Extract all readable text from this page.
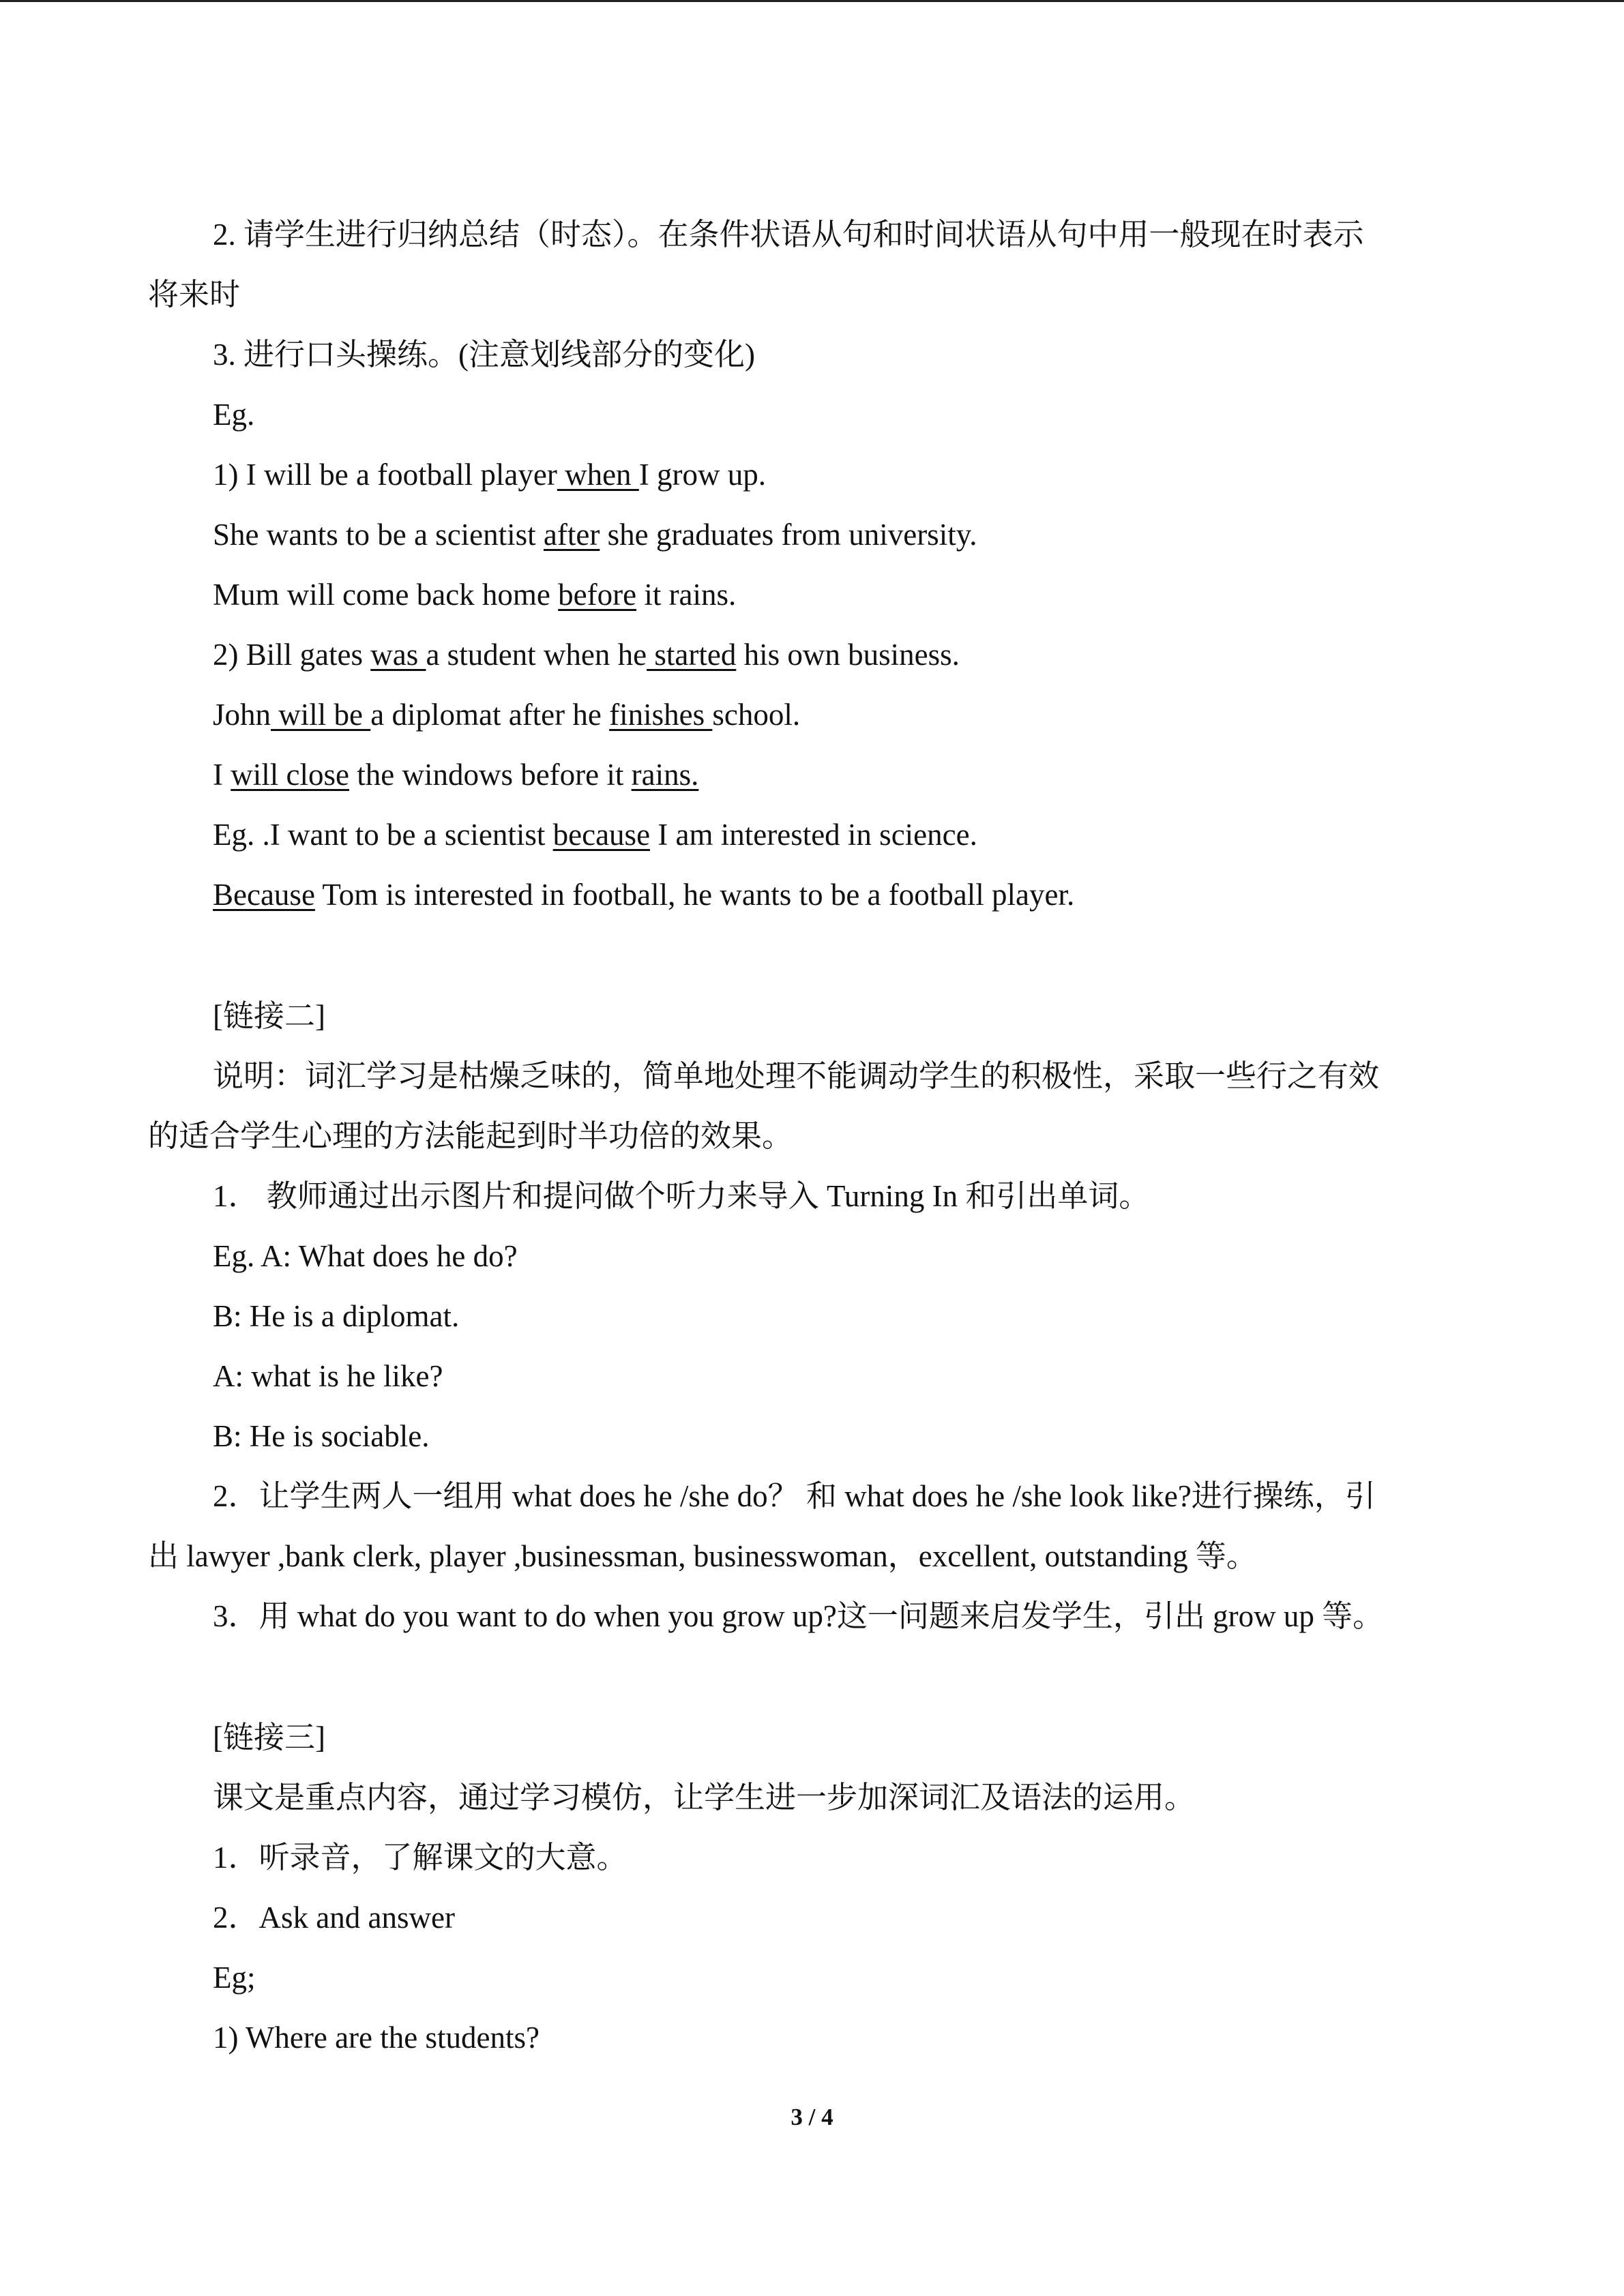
2. 请学生进行归纳总结（时态）。在条件状语从句和时间状语从句中用一般现在时表示
将来时
3. 进行口头操练。(注意划线部分的变化)
Eg.
1) I will be a football player when I grow up.
She wants to be a scientist after she graduates from university.
Mum will come back home before it rains.
2) Bill gates was a student when he started his own business.
John will be a diplomat after he finishes school.
I will close the windows before it rains.
Eg. .I want to be a scientist because I am interested in science.
Because Tom is interested in football, he wants to be a football player.
[链接二]
说明：词汇学习是枯燥乏味的，简单地处理不能调动学生的积极性，采取一些行之有效
的适合学生心理的方法能起到时半功倍的效果。
1． 教师通过出示图片和提问做个听力来导入 Turning In 和引出单词。
Eg. A: What does he do?
B: He is a diplomat.
A: what is he like?
B: He is sociable.
2．让学生两人一组用 what does he /she do？ 和 what does he /she look like?进行操练，引
出 lawyer ,bank clerk, player ,businessman, businesswoman，excellent, outstanding 等。
3．用 what do you want to do when you grow up?这一问题来启发学生，引出 grow up 等。
[链接三]
课文是重点内容，通过学习模仿，让学生进一步加深词汇及语法的运用。
1．听录音，了解课文的大意。
2．Ask and answer
Eg;
1) Where are the students?
3 / 4
